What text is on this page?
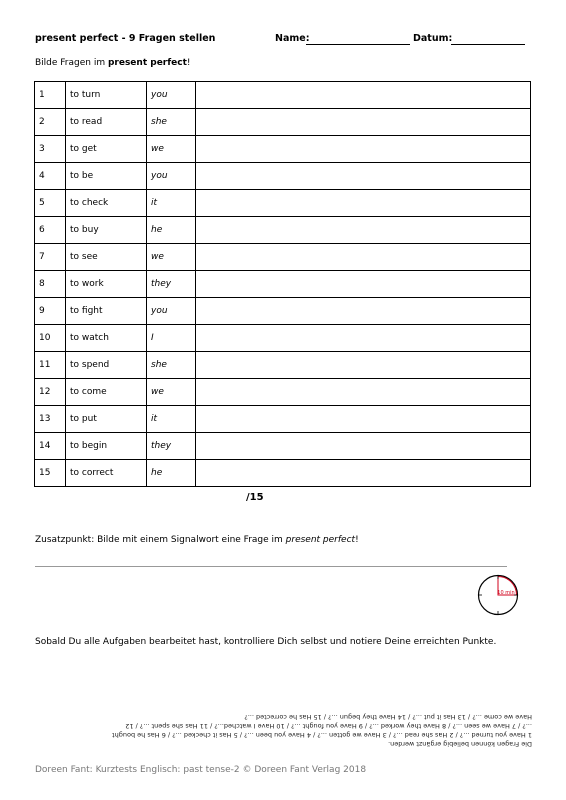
present perfect - 9 Fragen stellen	Name:	Datum:
Bilde Fragen im present perfect!
1	to turn	you	
2	to read	she	
3	to get	we	
4	to be	you	
5	to check	it	
6	to buy	he	
7	to see	we	
8	to work	they	
9	to fight	you	
10	to watch	I	
11	to spend	she	
12	to come	we	
13	to put	it	
14	to begin	they	
15	to correct	he	
/15
Zusatzpunkt: Bilde mit einem Signalwort eine Frage im present perfect!
10 min
Sobald Du alle Aufgaben bearbeitet hast, kontrolliere Dich selbst und notiere Deine erreichten Punkte.
Die Fragen können beliebig ergänzt werden.
1 Have you turned ...? / 2 Has she read ...? / 3 Have we gotten ...? / 4 Have you been ...? / 5 Has it checked ...? / 6 Has he bought
...? / 7 Have we seen ...? / 8 Have they worked ...? / 9 Have you fought ...? / 10 Have I watched...? / 11 Has she spent ...? / 12
Have we come ...? / 13 Has it put ...? / 14 Have they begun ...? / 15 Has he corrected ...?
Doreen Fant: Kurztests Englisch: past tense-2 © Doreen Fant Verlag 2018
